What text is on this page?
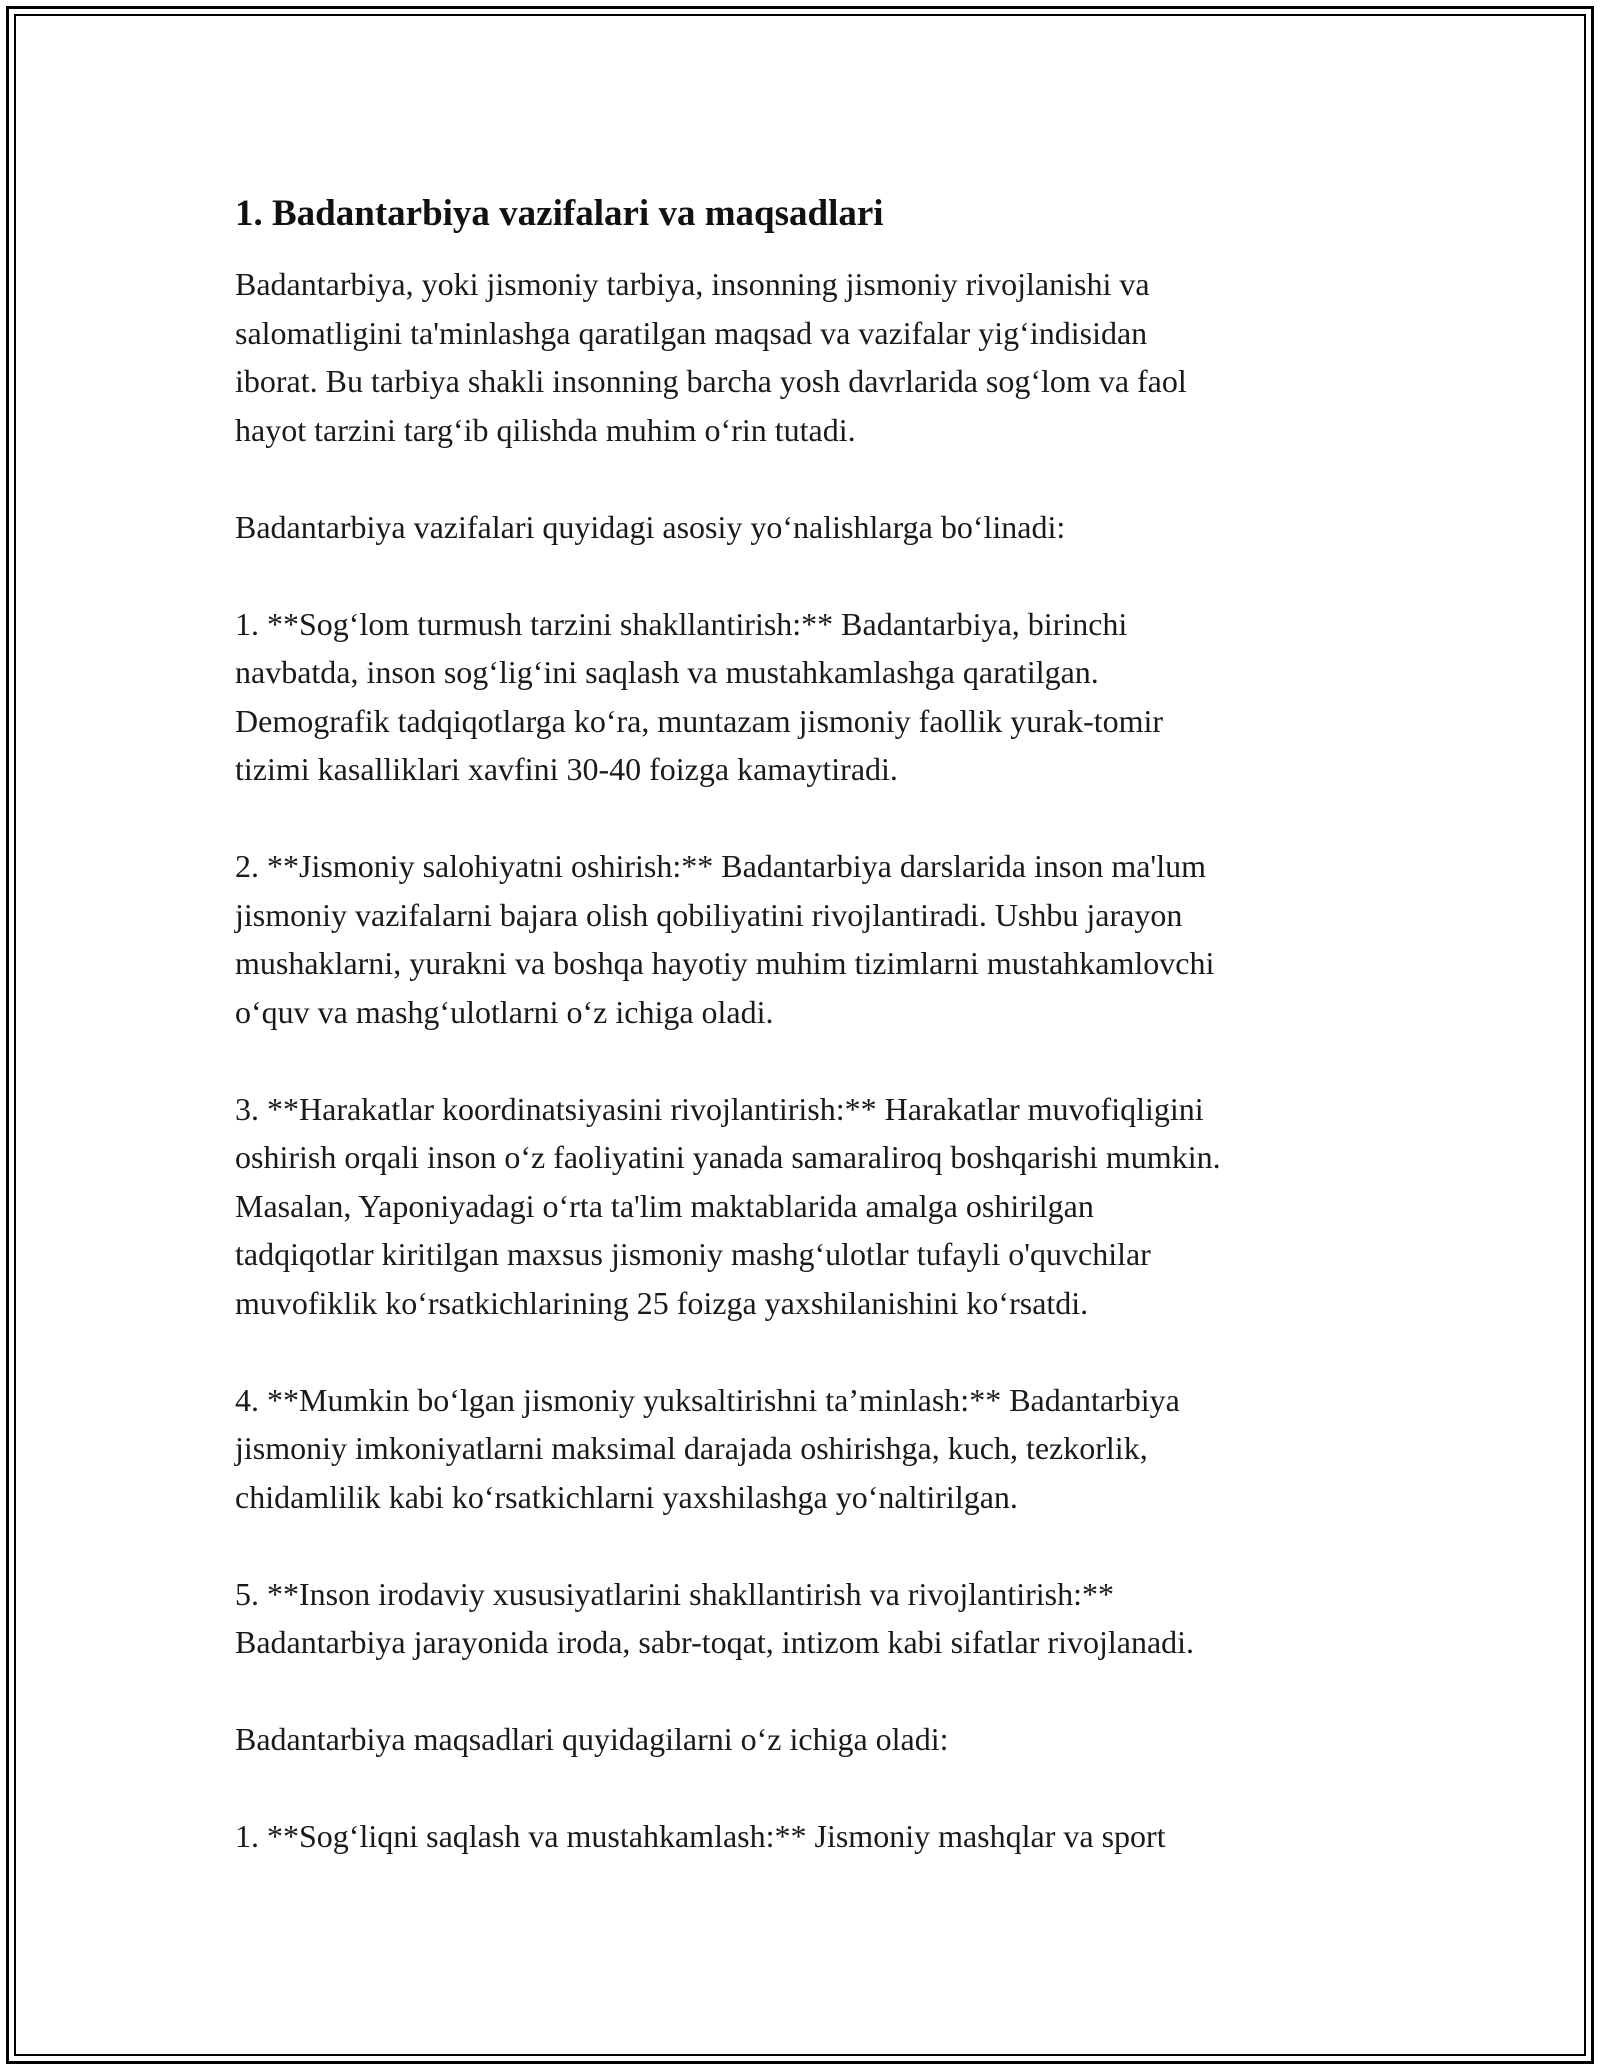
1. Badantarbiya vazifalari va maqsadlari

Badantarbiya, yoki jismoniy tarbiya, insonning jismoniy rivojlanishi va
salomatligini ta'minlashga qaratilgan maqsad va vazifalar yig‘indisidan
iborat. Bu tarbiya shakli insonning barcha yosh davrlarida sog‘lom va faol
hayot tarzini targ‘ib qilishda muhim o‘rin tutadi.

Badantarbiya vazifalari quyidagi asosiy yo‘nalishlarga bo‘linadi:

1. **Sog‘lom turmush tarzini shakllantirish:** Badantarbiya, birinchi
navbatda, inson sog‘lig‘ini saqlash va mustahkamlashga qaratilgan.
Demografik tadqiqotlarga ko‘ra, muntazam jismoniy faollik yurak-tomir
tizimi kasalliklari xavfini 30-40 foizga kamaytiradi.

2. **Jismoniy salohiyatni oshirish:** Badantarbiya darslarida inson ma'lum
jismoniy vazifalarni bajara olish qobiliyatini rivojlantiradi. Ushbu jarayon
mushaklarni, yurakni va boshqa hayotiy muhim tizimlarni mustahkamlovchi
o‘quv va mashg‘ulotlarni o‘z ichiga oladi.

3. **Harakatlar koordinatsiyasini rivojlantirish:** Harakatlar muvofiqligini
oshirish orqali inson o‘z faoliyatini yanada samaraliroq boshqarishi mumkin.
Masalan, Yaponiyadagi o‘rta ta'lim maktablarida amalga oshirilgan
tadqiqotlar kiritilgan maxsus jismoniy mashg‘ulotlar tufayli o'quvchilar
muvofiklik ko‘rsatkichlarining 25 foizga yaxshilanishini ko‘rsatdi.

4. **Mumkin bo‘lgan jismoniy yuksaltirishni ta’minlash:** Badantarbiya
jismoniy imkoniyatlarni maksimal darajada oshirishga, kuch, tezkorlik,
chidamlilik kabi ko‘rsatkichlarni yaxshilashga yo‘naltirilgan.

5. **Inson irodaviy xususiyatlarini shakllantirish va rivojlantirish:**
Badantarbiya jarayonida iroda, sabr-toqat, intizom kabi sifatlar rivojlanadi.

Badantarbiya maqsadlari quyidagilarni o‘z ichiga oladi:

1. **Sog‘liqni saqlash va mustahkamlash:** Jismoniy mashqlar va sport
